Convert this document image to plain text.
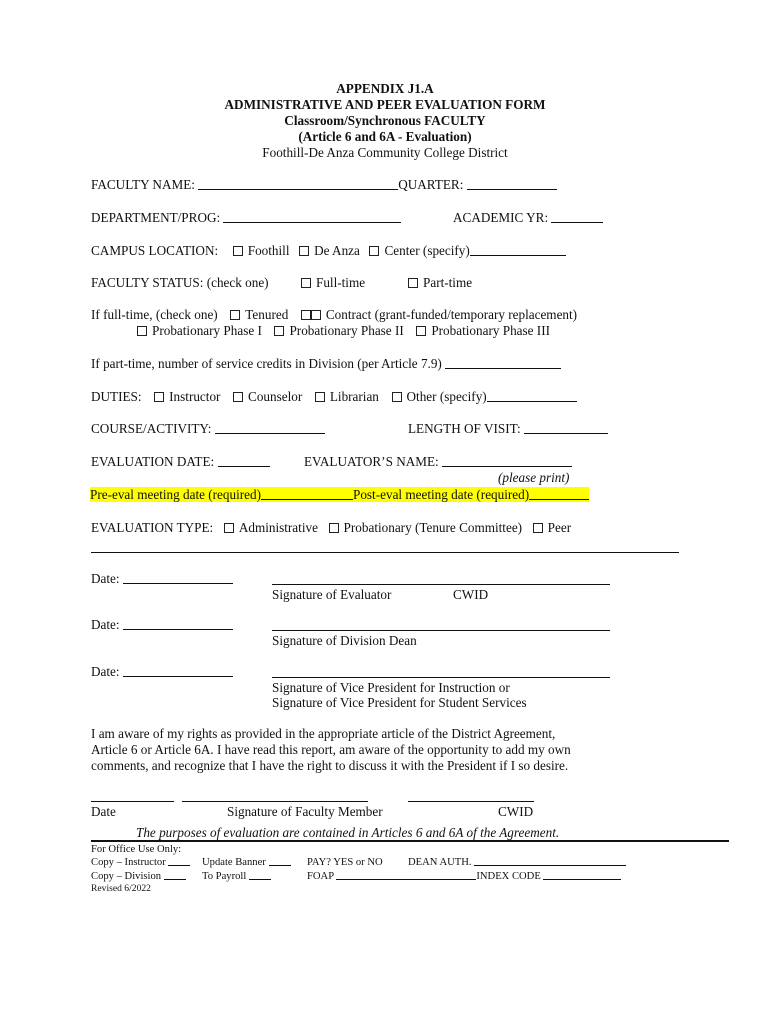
APPENDIX J1.A
ADMINISTRATIVE AND PEER EVALUATION FORM
Classroom/Synchronous FACULTY
(Article 6 and 6A - Evaluation)
Foothill-De Anza Community College District
FACULTY NAME:	QUARTER:
DEPARTMENT/PROG:	ACADEMIC YR:
CAMPUS LOCATION: Foothill De Anza Center (specify)
FACULTY STATUS: (check one)	Full-time	Part-time
If full-time, (check one) Tenured	Contract (grant-funded/temporary replacement)
Probationary Phase I Probationary Phase II Probationary Phase III
If part-time, number of service credits in Division (per Article 7.9)
DUTIES: Instructor Counselor Librarian Other (specify)
COURSE/ACTIVITY:	LENGTH OF VISIT:
EVALUATION DATE:	EVALUATOR’S NAME:
(please print)
Pre-eval meeting date (required)	Post-eval meeting date (required)
EVALUATION TYPE: Administrative Probationary (Tenure Committee) Peer
Date:
Signature of Evaluator	CWID
Date:
Signature of Division Dean
Date:
Signature of Vice President for Instruction or
Signature of Vice President for Student Services
I am aware of my rights as provided in the appropriate article of the District Agreement,
Article 6 or Article 6A. I have read this report, am aware of the opportunity to add my own
comments, and recognize that I have the right to discuss it with the President if I so desire.
Date	Signature of Faculty Member	CWID
The purposes of evaluation are contained in Articles 6 and 6A of the Agreement.
For Office Use Only:
Copy – Instructor	Update Banner	PAY? YES or NO DEAN AUTH.
Copy – Division	To Payroll	FOAP	INDEX CODE
Revised 6/2022
